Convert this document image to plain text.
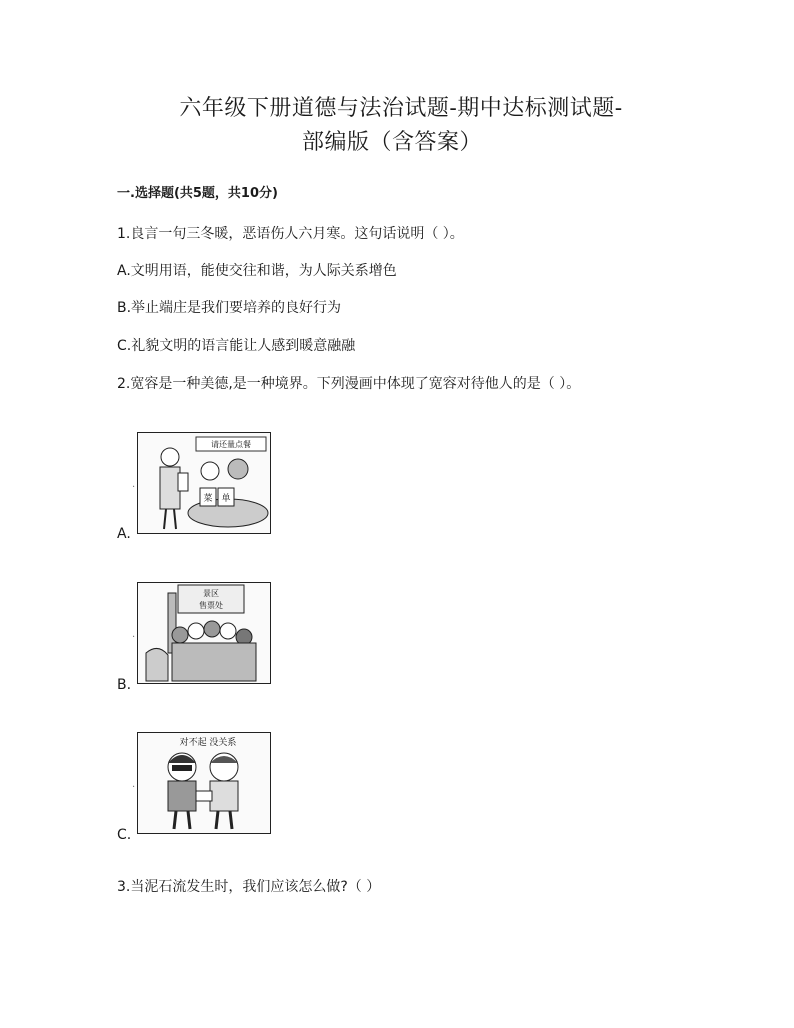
六年级下册道德与法治试题-期中达标测试题-
部编版（含答案）
一.选择题(共5题，共10分)
1.良言一句三冬暖，恶语伤人六月寒。这句话说明（ ）。
A.文明用语，能使交往和谐，为人际关系增色
B.举止端庄是我们要培养的良好行为
C.礼貌文明的语言能让人感到暖意融融
2.宽容是一种美德,是一种境界。下列漫画中体现了宽容对待他人的是（ ）。
·
请还量点餐
菜 单
A.
·
景区
售票处
B.
·
对不起 没关系
C.
3.当泥石流发生时，我们应该怎么做?（ ）
